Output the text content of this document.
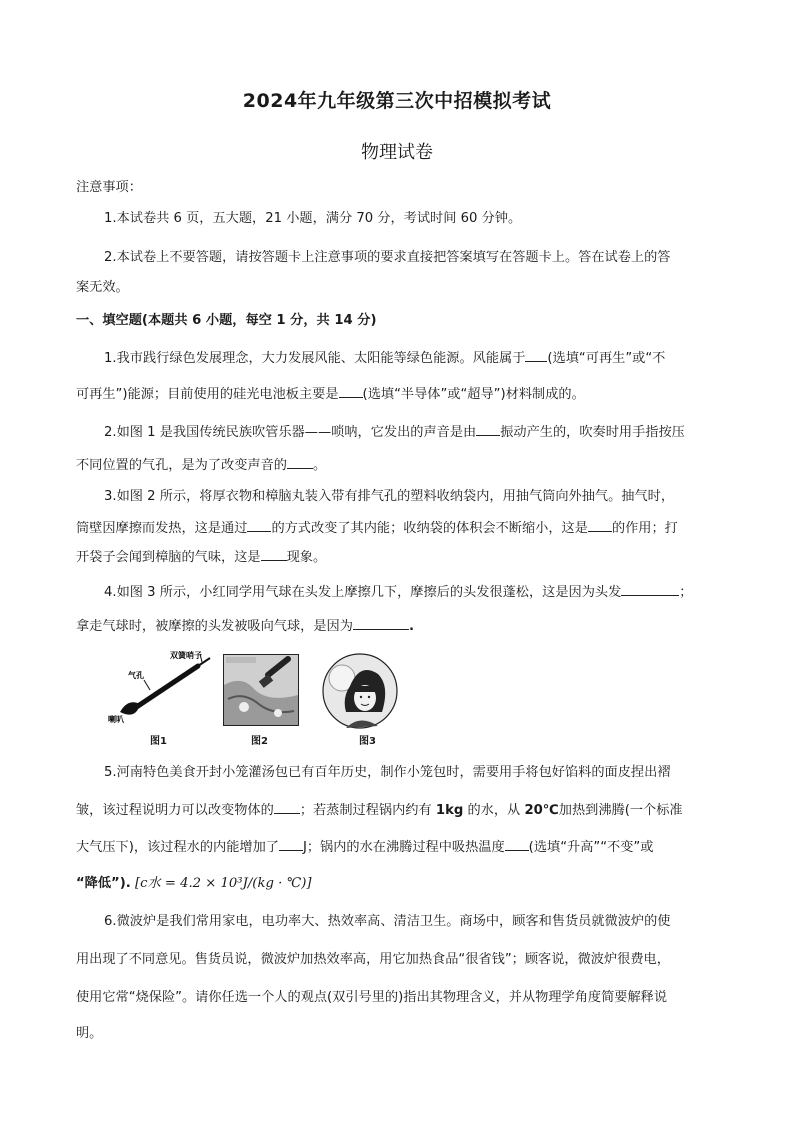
2024年九年级第三次中招模拟考试
物理试卷
注意事项：
1.本试卷共 6 页，五大题，21 小题，满分 70 分，考试时间 60 分钟。
2.本试卷上不要答题，请按答题卡上注意事项的要求直接把答案填写在答题卡上。答在试卷上的答
案无效。
一、填空题(本题共 6 小题，每空 1 分，共 14 分)
1.我市践行绿色发展理念，大力发展风能、太阳能等绿色能源。风能属于 (选填“可再生”或“不
可再生”)能源；目前使用的硅光电池板主要是 (选填“半导体”或“超导”)材料制成的。
2.如图 1 是我国传统民族吹管乐器——唢呐，它发出的声音是由 振动产生的，吹奏时用手指按压
不同位置的气孔，是为了改变声音的 。
3.如图 2 所示，将厚衣物和樟脑丸装入带有排气孔的塑料收纳袋内，用抽气筒向外抽气。抽气时，
筒壁因摩擦而发热，这是通过 的方式改变了其内能；收纳袋的体积会不断缩小，这是 的作用；打
开袋子会闻到樟脑的气味，这是 现象。
4.如图 3 所示，小红同学用气球在头发上摩擦几下，摩擦后的头发很蓬松，这是因为头发	；
拿走气球时，被摩擦的头发被吸向气球，是因为	.
双簧哨子
气孔
喇叭
图1	图2	图3
5.河南特色美食开封小笼灌汤包已有百年历史，制作小笼包时，需要用手将包好馅料的面皮捏出褶
皱，该过程说明力可以改变物体的 ；若蒸制过程锅内约有 1kg 的水，从 20℃加热到沸腾(一个标准
大气压下)，该过程水的内能增加了 J；锅内的水在沸腾过程中吸热温度 (选填“升高”“不变”或
“降低”). [c水 = 4.2 × 10³J/(kg · ℃)]
6.微波炉是我们常用家电，电功率大、热效率高、清洁卫生。商场中，顾客和售货员就微波炉的使
用出现了不同意见。售货员说，微波炉加热效率高，用它加热食品“很省钱”；顾客说，微波炉很费电，
使用它常“烧保险”。请你任选一个人的观点(双引号里的)指出其物理含义，并从物理学角度简要解释说
明。
